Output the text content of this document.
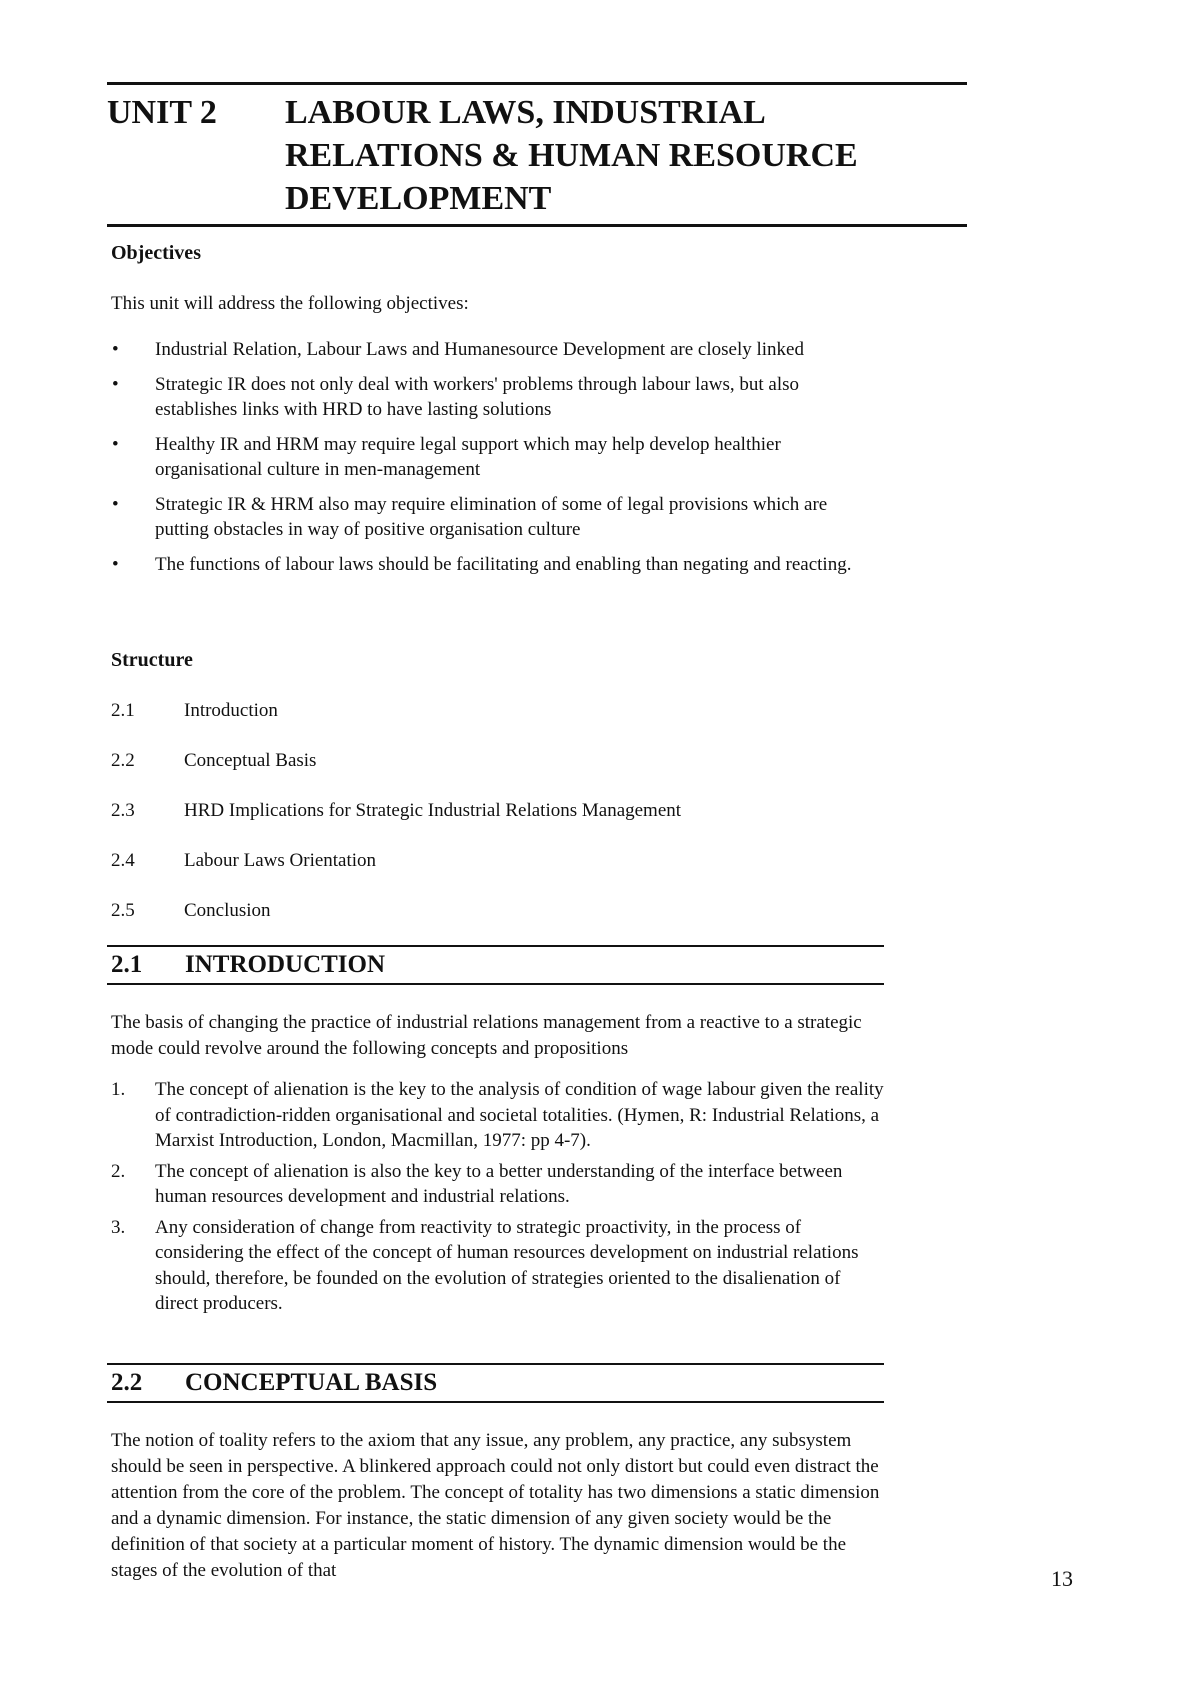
UNIT 2	LABOUR LAWS, INDUSTRIAL
RELATIONS & HUMAN RESOURCE
DEVELOPMENT
Objectives
This unit will address the following objectives:
• Industrial Relation, Labour Laws and Humanesource Development are closely linked
• Strategic IR does not only deal with workers' problems through labour laws, but also establishes links with HRD to have lasting solutions
• Healthy IR and HRM may require legal support which may help develop healthier organisational culture in men-management
• Strategic IR & HRM also may require elimination of some of legal provisions which are putting obstacles in way of positive organisation culture
• The functions of labour laws should be facilitating and enabling than negating and reacting.
Structure
2.1	Introduction
2.2	Conceptual Basis
2.3	HRD Implications for Strategic Industrial Relations Management
2.4	Labour Laws Orientation
2.5	Conclusion
2.1	INTRODUCTION
The basis of changing the practice of industrial relations management from a reactive to a strategic mode could revolve around the following concepts and propositions
1. The concept of alienation is the key to the analysis of condition of wage labour given the reality of contradiction-ridden organisational and societal totalities. (Hymen, R: Industrial Relations, a Marxist Introduction, London, Macmillan, 1977: pp 4-7).
2. The concept of alienation is also the key to a better understanding of the interface between human resources development and industrial relations.
3. Any consideration of change from reactivity to strategic proactivity, in the process of considering the effect of the concept of human resources development on industrial relations should, therefore, be founded on the evolution of strategies oriented to the disalienation of direct producers.
2.2	CONCEPTUAL BASIS
The notion of toality refers to the axiom that any issue, any problem, any practice, any subsystem should be seen in perspective. A blinkered approach could not only distort but could even distract the attention from the core of the problem. The concept of totality has two dimensions a static dimension and a dynamic dimension. For instance, the static dimension of any given society would be the definition of that society at a particular moment of history. The dynamic dimension would be the stages of the evolution of that	13
